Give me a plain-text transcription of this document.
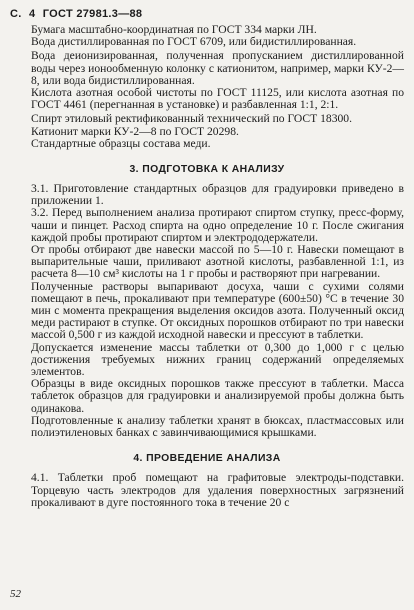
С. 4 ГОСТ 27981.3—88

Бумага масштабно-координатная по ГОСТ 334 марки ЛН.

Вода дистиллированная по ГОСТ 6709, или бидистиллированная.

Вода деионизированная, полученная пропусканием дистиллированной воды через ионообменную колонку с катионитом, например, марки КУ-2—8, или вода бидистиллированная.

Кислота азотная особой чистоты по ГОСТ 11125, или кислота азотная по ГОСТ 4461 (перегнанная в установке) и разбавленная 1:1, 2:1.

Спирт этиловый ректификованный технический по ГОСТ 18300.

Катионит марки КУ-2—8 по ГОСТ 20298.

Стандартные образцы состава меди.

3. ПОДГОТОВКА К АНАЛИЗУ

3.1. Приготовление стандартных образцов для градуировки приведено в приложении 1.

3.2. Перед выполнением анализа протирают спиртом ступку, пресс-форму, чаши и пинцет. Расход спирта на одно определение 10 г. После сжигания каждой пробы протирают спиртом и электрододержатели.

От пробы отбирают две навески массой по 5—10 г. Навески помещают в выпарительные чаши, приливают азотной кислоты, разбавленной 1:1, из расчета 8—10 см³ кислоты на 1 г пробы и растворяют при нагревании.

Полученные растворы выпаривают досуха, чаши с сухими солями помещают в печь, прокаливают при температуре (600±50) °С в течение 30 мин с момента прекращения выделения оксидов азота. Полученный оксид меди растирают в ступке. От оксидных порошков отбирают по три навески массой 0,500 г из каждой исходной навески и прессуют в таблетки.

Допускается изменение массы таблетки от 0,300 до 1,000 г с целью достижения требуемых нижних границ содержаний определяемых элементов.

Образцы в виде оксидных порошков также прессуют в таблетки. Масса таблеток образцов для градуировки и анализируемой пробы должна быть одинакова.

Подготовленные к анализу таблетки хранят в бюксах, пластмассовых или полиэтиленовых банках с завинчивающимися крышками.

4. ПРОВЕДЕНИЕ АНАЛИЗА

4.1. Таблетки проб помещают на графитовые электроды-подставки. Торцевую часть электродов для удаления поверхностных загрязнений прокаливают в дуге постоянного тока в течение 20 с

52
